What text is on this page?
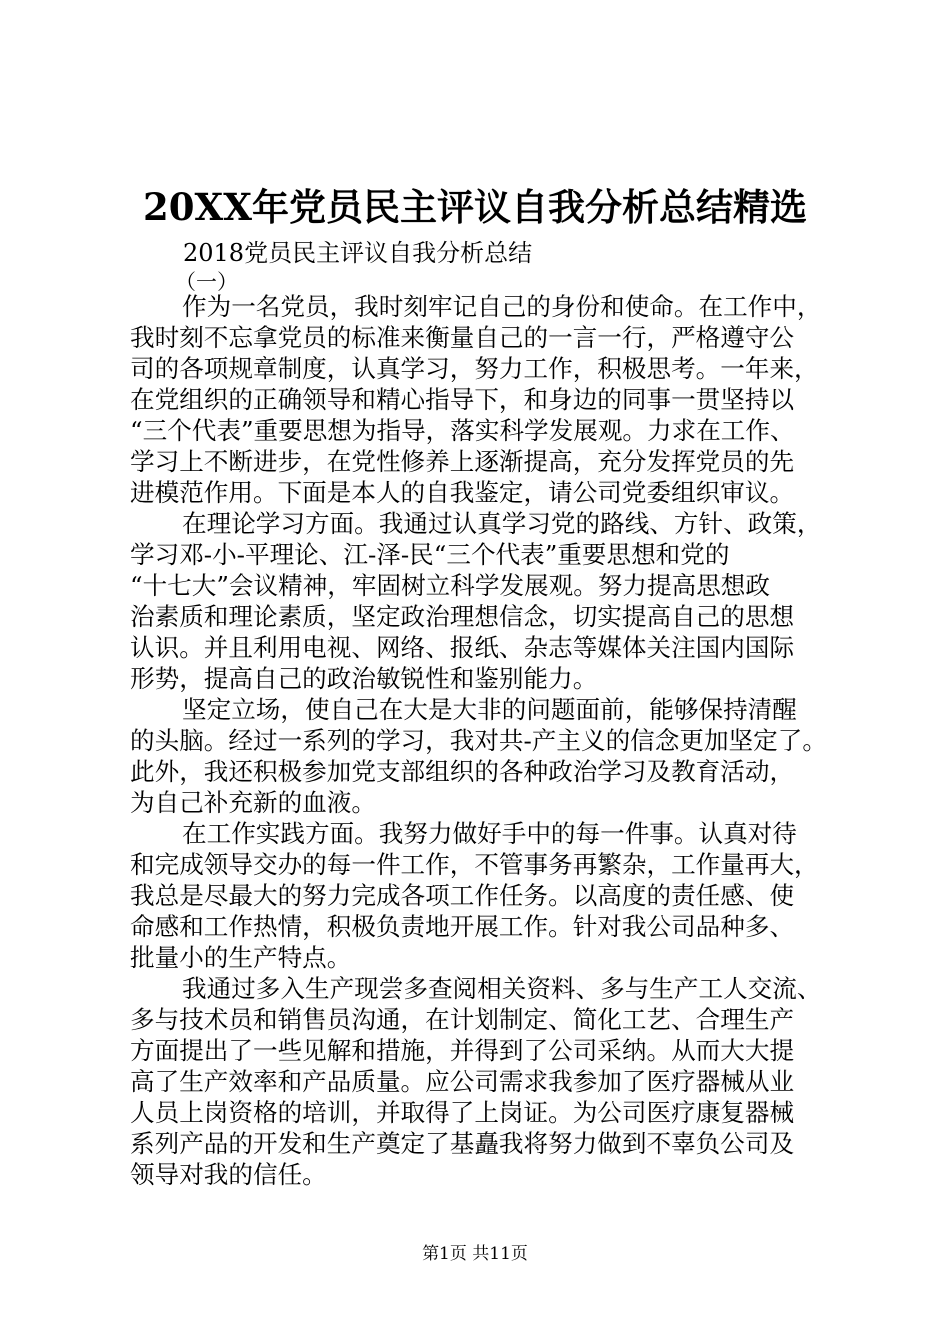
20XX年党员民主评议自我分析总结精选
2018党员民主评议自我分析总结
（一）
作为一名党员，我时刻牢记自己的身份和使命。在工作中，
我时刻不忘拿党员的标准来衡量自己的一言一行，严格遵守公
司的各项规章制度，认真学习，努力工作，积极思考。一年来，
在党组织的正确领导和精心指导下，和身边的同事一贯坚持以
“三个代表”重要思想为指导，落实科学发展观。力求在工作、
学习上不断进步，在党性修养上逐渐提高，充分发挥党员的先
进模范作用。下面是本人的自我鉴定，请公司党委组织审议。
在理论学习方面。我通过认真学习党的路线、方针、政策，
学习邓-小-平理论、江-泽-民“三个代表”重要思想和党的
“十七大”会议精神，牢固树立科学发展观。努力提高思想政
治素质和理论素质，坚定政治理想信念，切实提高自己的思想
认识。并且利用电视、网络、报纸、杂志等媒体关注国内国际
形势，提高自己的政治敏锐性和鉴别能力。
坚定立场，使自己在大是大非的问题面前，能够保持清醒
的头脑。经过一系列的学习，我对共-产主义的信念更加坚定了。
此外，我还积极参加党支部组织的各种政治学习及教育活动，
为自己补充新的血液。
在工作实践方面。我努力做好手中的每一件事。认真对待
和完成领导交办的每一件工作，不管事务再繁杂，工作量再大，
我总是尽最大的努力完成各项工作任务。以高度的责任感、使
命感和工作热情，积极负责地开展工作。针对我公司品种多、
批量小的生产特点。
我通过多入生产现尝多查阅相关资料、多与生产工人交流、
多与技术员和销售员沟通，在计划制定、简化工艺、合理生产
方面提出了一些见解和措施，并得到了公司采纳。从而大大提
高了生产效率和产品质量。应公司需求我参加了医疗器械从业
人员上岗资格的培训，并取得了上岗证。为公司医疗康复器械
系列产品的开发和生产奠定了基矗我将努力做到不辜负公司及
领导对我的信任。
第1页 共11页
